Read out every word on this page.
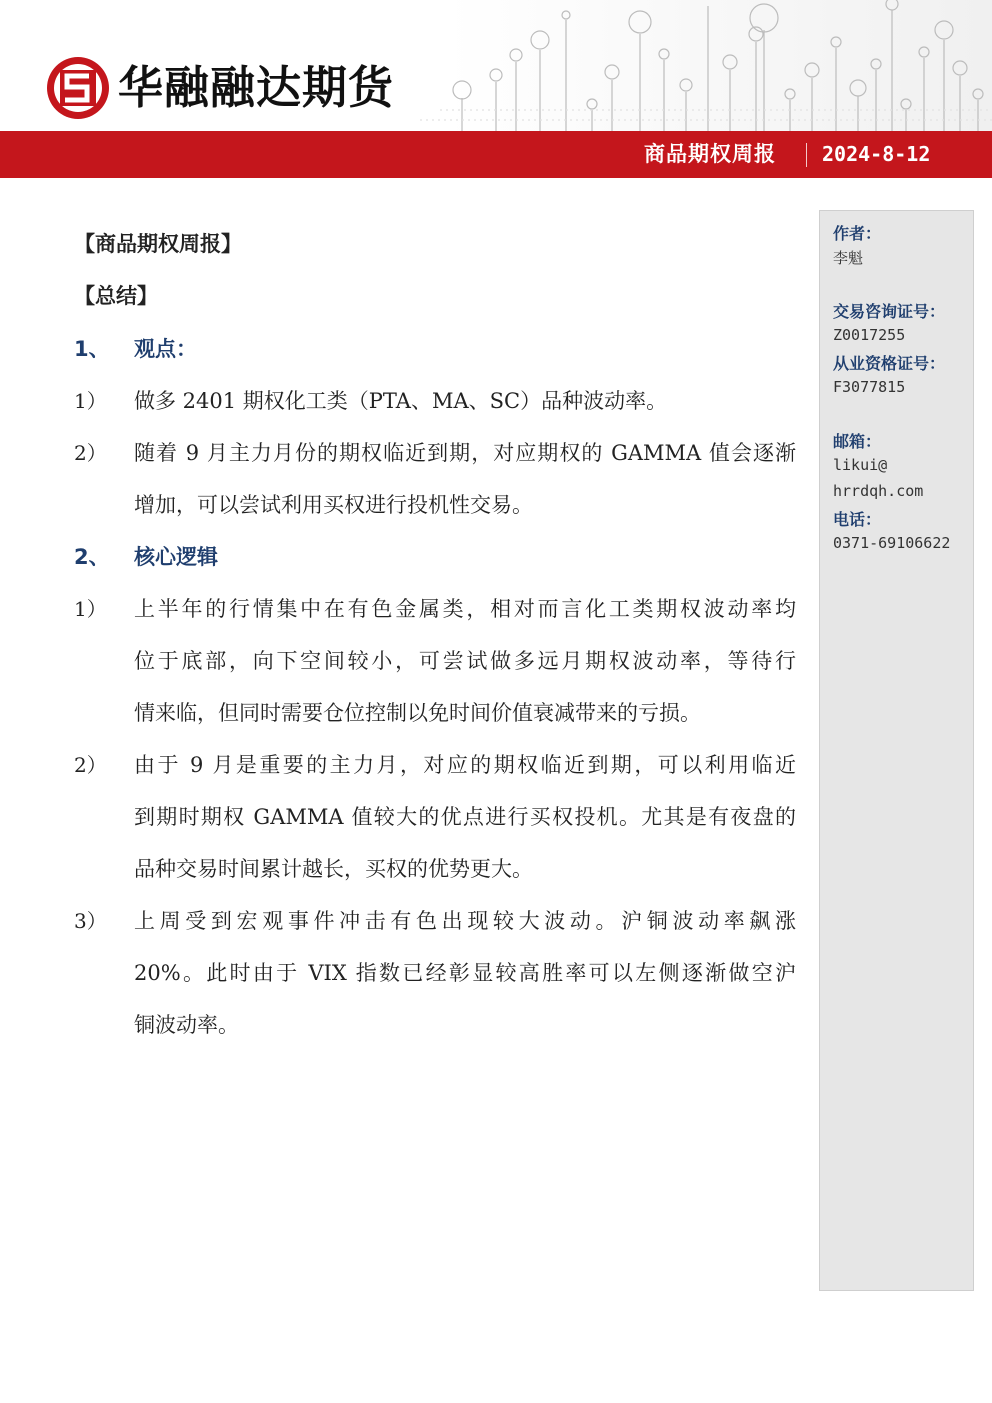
华融融达期货
商品期权周报 2024-8-12
【商品期权周报】
【总结】
1、 观点：
1） 做多 2401 期权化工类（PTA、MA、SC）品种波动率。
2） 随着 9 月主力月份的期权临近到期，对应期权的 GAMMA 值会逐渐
增加，可以尝试利用买权进行投机性交易。
2、 核心逻辑
1） 上半年的行情集中在有色金属类，相对而言化工类期权波动率均
位于底部，向下空间较小，可尝试做多远月期权波动率，等待行
情来临，但同时需要仓位控制以免时间价值衰减带来的亏损。
2） 由于 9 月是重要的主力月，对应的期权临近到期，可以利用临近
到期时期权 GAMMA 值较大的优点进行买权投机。尤其是有夜盘的
品种交易时间累计越长，买权的优势更大。
3） 上周受到宏观事件冲击有色出现较大波动。沪铜波动率飙涨
20%。此时由于 VIX 指数已经彰显较高胜率可以左侧逐渐做空沪
铜波动率。
作者：
李魁
交易咨询证号：
Z0017255
从业资格证号：
F3077815
邮箱：
likui@
hrrdqh.com
电话：
0371-69106622
